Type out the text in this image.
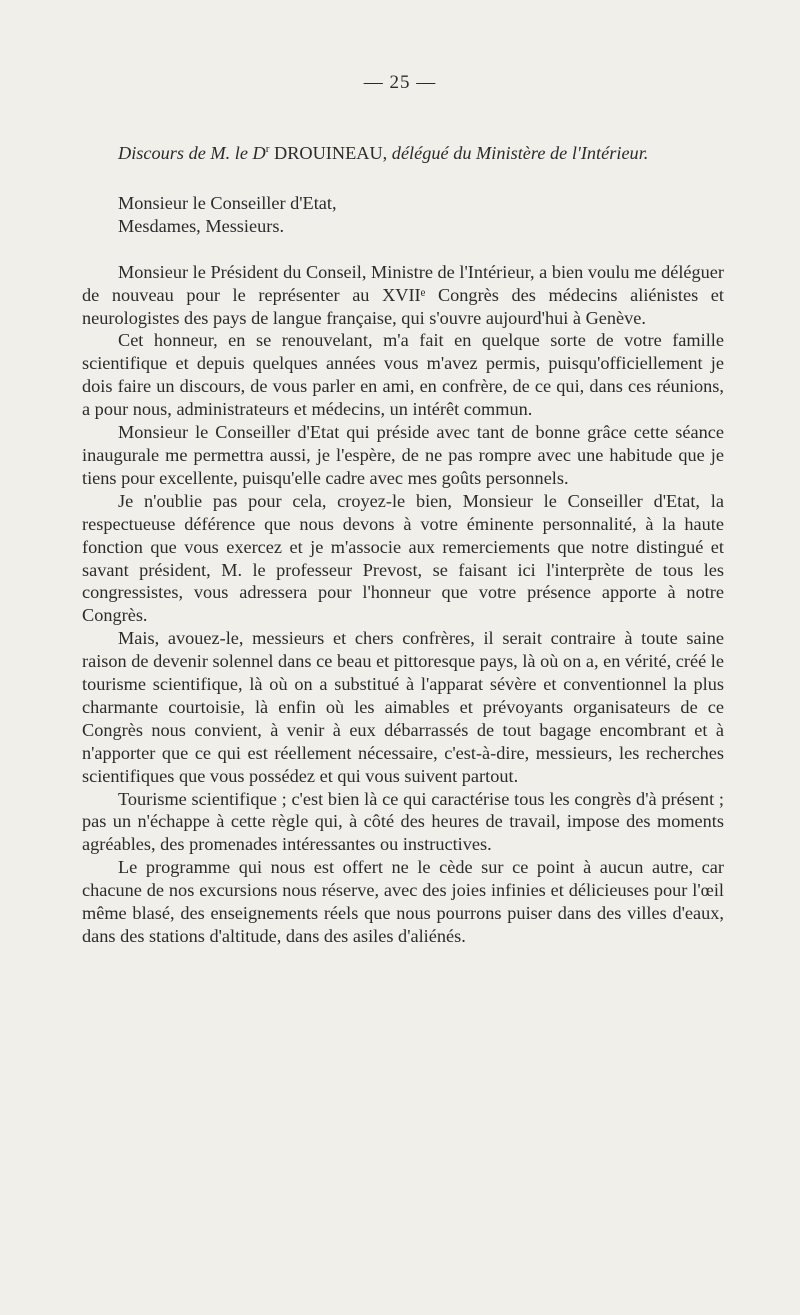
— 25 —

Discours de M. le $D^r$ DROUINEAU, délégué du Ministère de l'Intérieur.

Monsieur le Conseiller d'Etat,

Mesdames, Messieurs.

Monsieur le Président du Conseil, Ministre de l'Intérieur, a bien voulu me déléguer de nouveau pour le représenter au XVIIᵉ Congrès des médecins aliénistes et neurologistes des pays de langue française, qui s'ouvre aujourd'hui à Genève.

Cet honneur, en se renouvelant, m'a fait en quelque sorte de votre famille scientifique et depuis quelques années vous m'avez permis, puisqu'officiellement je dois faire un discours, de vous parler en ami, en confrère, de ce qui, dans ces réunions, a pour nous, administrateurs et médecins, un intérêt commun.

Monsieur le Conseiller d'Etat qui préside avec tant de bonne grâce cette séance inaugurale me permettra aussi, je l'espère, de ne pas rompre avec une habitude que je tiens pour excellente, puisqu'elle cadre avec mes goûts personnels.

Je n'oublie pas pour cela, croyez-le bien, Monsieur le Conseiller d'Etat, la respectueuse déférence que nous devons à votre éminente personnalité, à la haute fonction que vous exercez et je m'associe aux remerciements que notre distingué et savant président, M. le professeur Prevost, se faisant ici l'interprète de tous les congressistes, vous adressera pour l'honneur que votre présence apporte à notre Congrès.

Mais, avouez-le, messieurs et chers confrères, il serait contraire à toute saine raison de devenir solennel dans ce beau et pittoresque pays, là où on a, en vérité, créé le tourisme scientifique, là où on a substitué à l'apparat sévère et conventionnel la plus charmante courtoisie, là enfin où les aimables et prévoyants organisateurs de ce Congrès nous convient, à venir à eux débarrassés de tout bagage encombrant et à n'apporter que ce qui est réellement nécessaire, c'est-à-dire, messieurs, les recherches scientifiques que vous possédez et qui vous suivent partout.

Tourisme scientifique ; c'est bien là ce qui caractérise tous les congrès d'à présent ; pas un n'échappe à cette règle qui, à côté des heures de travail, impose des moments agréables, des promenades intéressantes ou instructives.

Le programme qui nous est offert ne le cède sur ce point à aucun autre, car chacune de nos excursions nous réserve, avec des joies infinies et délicieuses pour l'œil même blasé, des enseignements réels que nous pourrons puiser dans des villes d'eaux, dans des stations d'altitude, dans des asiles d'aliénés.
